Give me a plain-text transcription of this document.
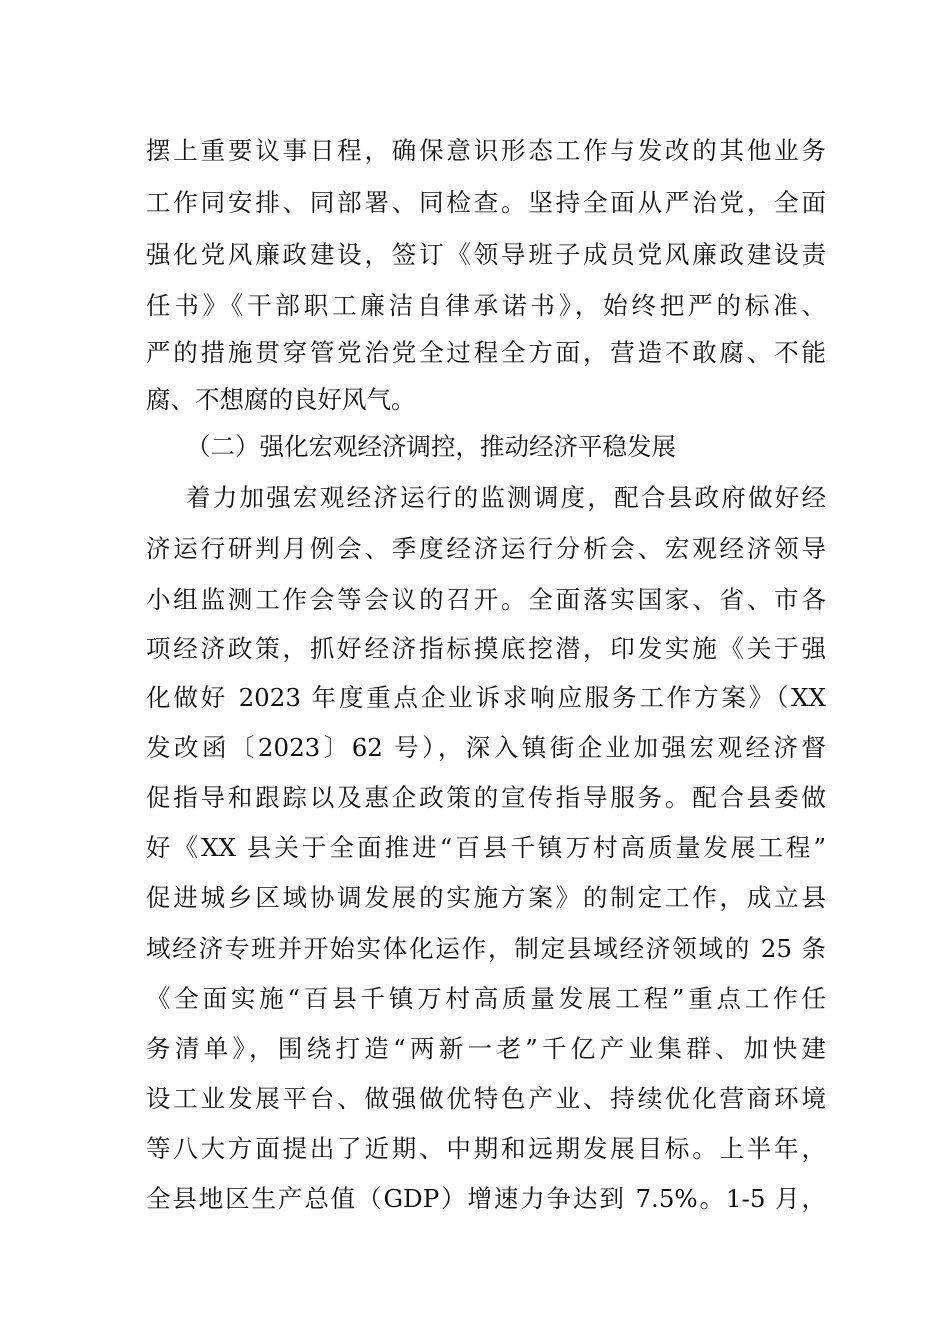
摆上重要议事日程，确保意识形态工作与发改的其他业务
工作同安排、同部署、同检查。坚持全面从严治党，全面
强化党风廉政建设，签订《领导班子成员党风廉政建设责
任书》《干部职工廉洁自律承诺书》，始终把严的标准、
严的措施贯穿管党治党全过程全方面，营造不敢腐、不能
腐、不想腐的良好风气。
（二）强化宏观经济调控，推动经济平稳发展
着力加强宏观经济运行的监测调度，配合县政府做好经
济运行研判月例会、季度经济运行分析会、宏观经济领导
小组监测工作会等会议的召开。全面落实国家、省、市各
项经济政策，抓好经济指标摸底挖潜，印发实施《关于强
化做好 2023 年度重点企业诉求响应服务工作方案》（XX
发改函〔2023〕62 号），深入镇街企业加强宏观经济督
促指导和跟踪以及惠企政策的宣传指导服务。配合县委做
好《XX 县关于全面推进“百县千镇万村高质量发展工程”
促进城乡区域协调发展的实施方案》的制定工作，成立县
域经济专班并开始实体化运作，制定县域经济领域的 25 条
《全面实施“百县千镇万村高质量发展工程”重点工作任
务清单》，围绕打造“两新一老”千亿产业集群、加快建
设工业发展平台、做强做优特色产业、持续优化营商环境
等八大方面提出了近期、中期和远期发展目标。上半年，
全县地区生产总值（GDP）增速力争达到 7.5%。1-5 月，
